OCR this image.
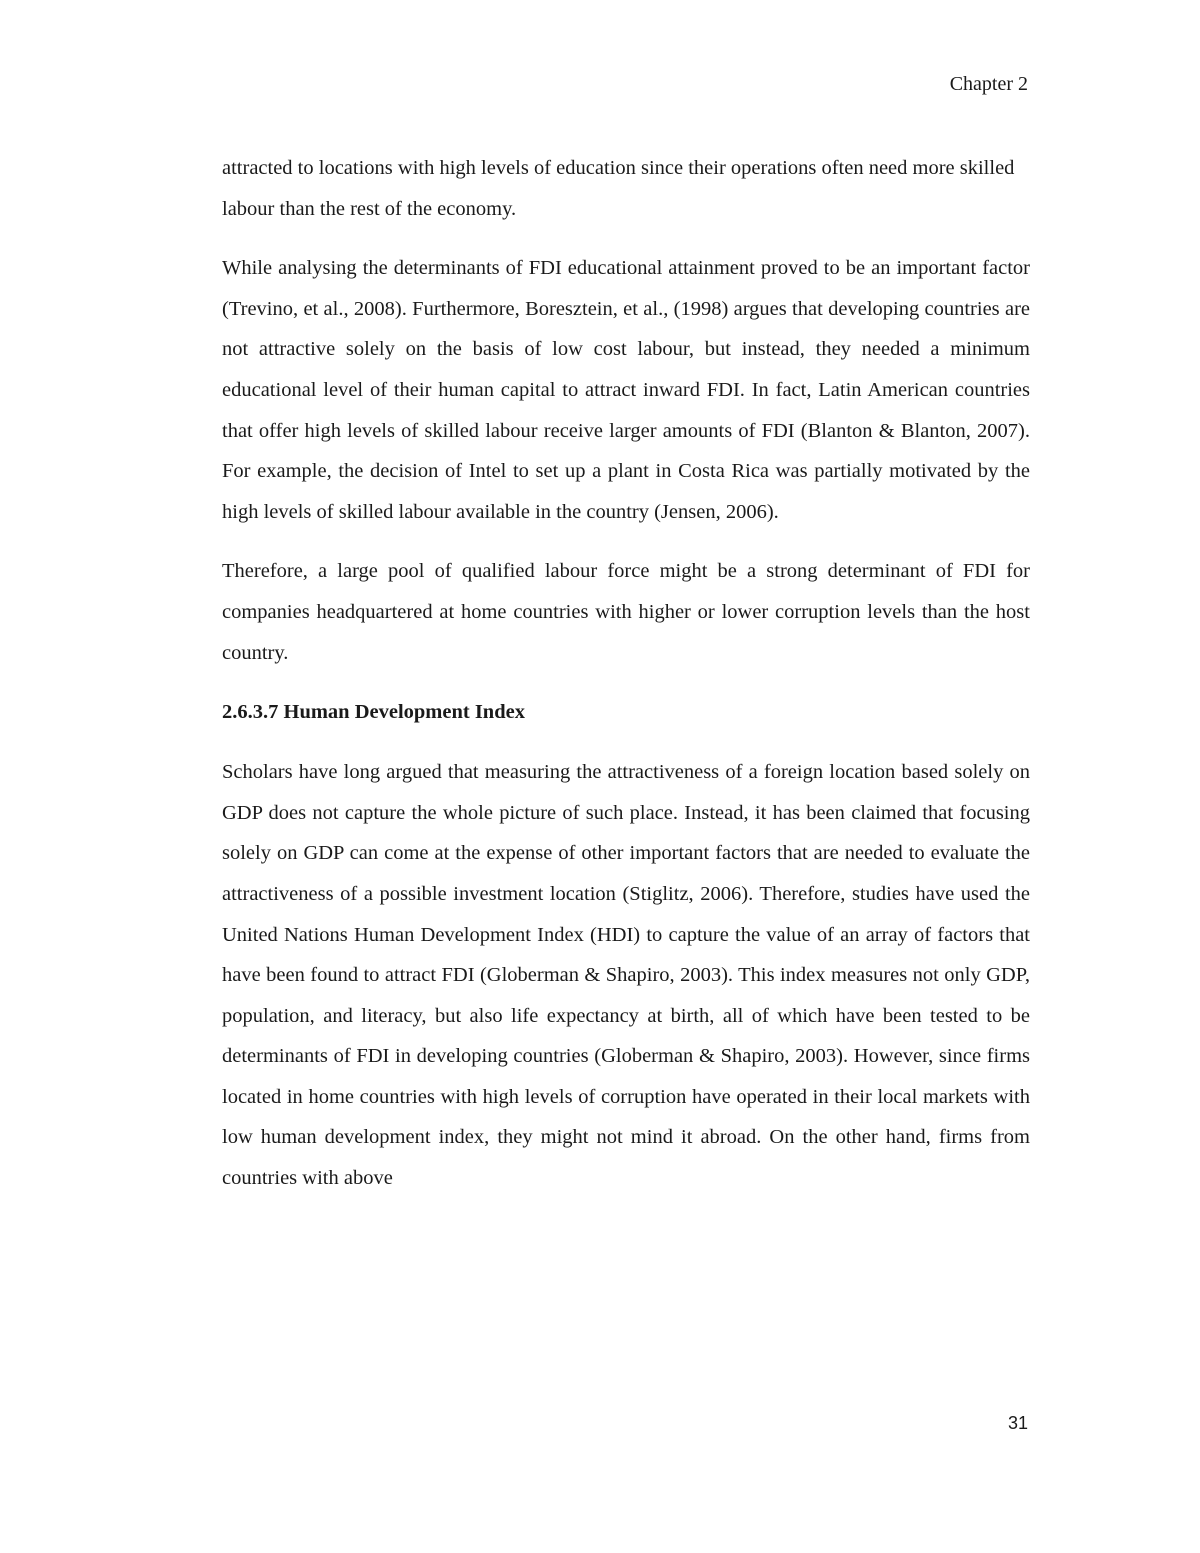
Chapter 2

attracted to locations with high levels of education since their operations often need more skilled labour than the rest of the economy.

While analysing the determinants of FDI educational attainment proved to be an important factor (Trevino, et al., 2008). Furthermore, Boresztein, et al., (1998) argues that developing countries are not attractive solely on the basis of low cost labour, but instead, they needed a minimum educational level of their human capital to attract inward FDI. In fact, Latin American countries that offer high levels of skilled labour receive larger amounts of FDI (Blanton & Blanton, 2007). For example, the decision of Intel to set up a plant in Costa Rica was partially motivated by the high levels of skilled labour available in the country (Jensen, 2006).

Therefore, a large pool of qualified labour force might be a strong determinant of FDI for companies headquartered at home countries with higher or lower corruption levels than the host country.

2.6.3.7 Human Development Index

Scholars have long argued that measuring the attractiveness of a foreign location based solely on GDP does not capture the whole picture of such place. Instead, it has been claimed that focusing solely on GDP can come at the expense of other important factors that are needed to evaluate the attractiveness of a possible investment location (Stiglitz, 2006). Therefore, studies have used the United Nations Human Development Index (HDI) to capture the value of an array of factors that have been found to attract FDI (Globerman & Shapiro, 2003). This index measures not only GDP, population, and literacy, but also life expectancy at birth, all of which have been tested to be determinants of FDI in developing countries (Globerman & Shapiro, 2003). However, since firms located in home countries with high levels of corruption have operated in their local markets with low human development index, they might not mind it abroad. On the other hand, firms from countries with above

31
